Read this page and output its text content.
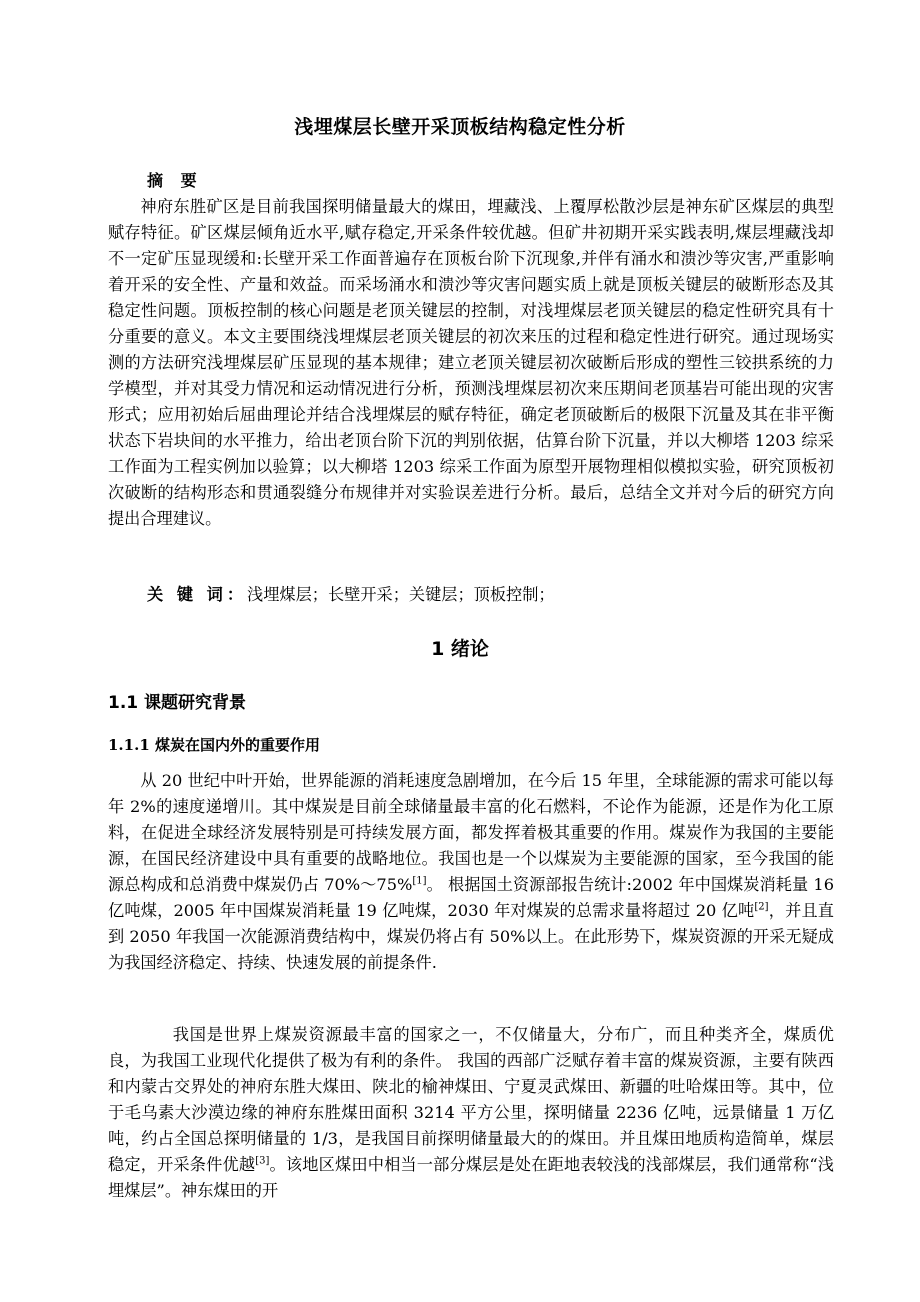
浅埋煤层长壁开采顶板结构稳定性分析
摘 要
神府东胜矿区是目前我国探明储量最大的煤田，埋藏浅、上覆厚松散沙层是神东矿区煤层的典型赋存特征。矿区煤层倾角近水平,赋存稳定,开采条件较优越。但矿井初期开采实践表明,煤层埋藏浅却不一定矿压显现缓和:长壁开采工作面普遍存在顶板台阶下沉现象,并伴有涌水和溃沙等灾害,严重影响着开采的安全性、产量和效益。而采场涌水和溃沙等灾害问题实质上就是顶板关键层的破断形态及其稳定性问题。顶板控制的核心问题是老顶关键层的控制，对浅埋煤层老顶关键层的稳定性研究具有十分重要的意义。本文主要围绕浅埋煤层老顶关键层的初次来压的过程和稳定性进行研究。通过现场实测的方法研究浅埋煤层矿压显现的基本规律；建立老顶关键层初次破断后形成的塑性三铰拱系统的力学模型，并对其受力情况和运动情况进行分析，预测浅埋煤层初次来压期间老顶基岩可能出现的灾害形式；应用初始后屈曲理论并结合浅埋煤层的赋存特征，确定老顶破断后的极限下沉量及其在非平衡状态下岩块间的水平推力，给出老顶台阶下沉的判别依据，估算台阶下沉量，并以大柳塔 1203 综采工作面为工程实例加以验算；以大柳塔 1203 综采工作面为原型开展物理相似模拟实验，研究顶板初次破断的结构形态和贯通裂缝分布规律并对实验误差进行分析。最后，总结全文并对今后的研究方向提出合理建议。
关 键 词：浅埋煤层；长壁开采；关键层；顶板控制；
1 绪论
1.1 课题研究背景
1.1.1 煤炭在国内外的重要作用
从 20 世纪中叶开始，世界能源的消耗速度急剧增加，在今后 15 年里，全球能源的需求可能以每年 2%的速度递增川。其中煤炭是目前全球储量最丰富的化石燃料，不论作为能源，还是作为化工原料，在促进全球经济发展特别是可持续发展方面，都发挥着极其重要的作用。煤炭作为我国的主要能源，在国民经济建设中具有重要的战略地位。我国也是一个以煤炭为主要能源的国家，至今我国的能源总构成和总消费中煤炭仍占 70%～75%[1]。 根据国土资源部报告统计:2002 年中国煤炭消耗量 16 亿吨煤，2005 年中国煤炭消耗量 19 亿吨煤，2030 年对煤炭的总需求量将超过 20 亿吨[2]，并且直到 2050 年我国一次能源消费结构中，煤炭仍将占有 50%以上。在此形势下，煤炭资源的开采无疑成为我国经济稳定、持续、快速发展的前提条件.
我国是世界上煤炭资源最丰富的国家之一，不仅储量大，分布广，而且种类齐全，煤质优良，为我国工业现代化提供了极为有利的条件。 我国的西部广泛赋存着丰富的煤炭资源，主要有陕西和内蒙古交界处的神府东胜大煤田、陕北的榆神煤田、宁夏灵武煤田、新疆的吐哈煤田等。其中，位于毛乌素大沙漠边缘的神府东胜煤田面积 3214 平方公里，探明储量 2236 亿吨，远景储量 1 万亿吨，约占全国总探明储量的 1/3，是我国目前探明储量最大的的煤田。并且煤田地质构造简单，煤层稳定，开采条件优越[3]。该地区煤田中相当一部分煤层是处在距地表较浅的浅部煤层，我们通常称“浅埋煤层”。神东煤田的开
